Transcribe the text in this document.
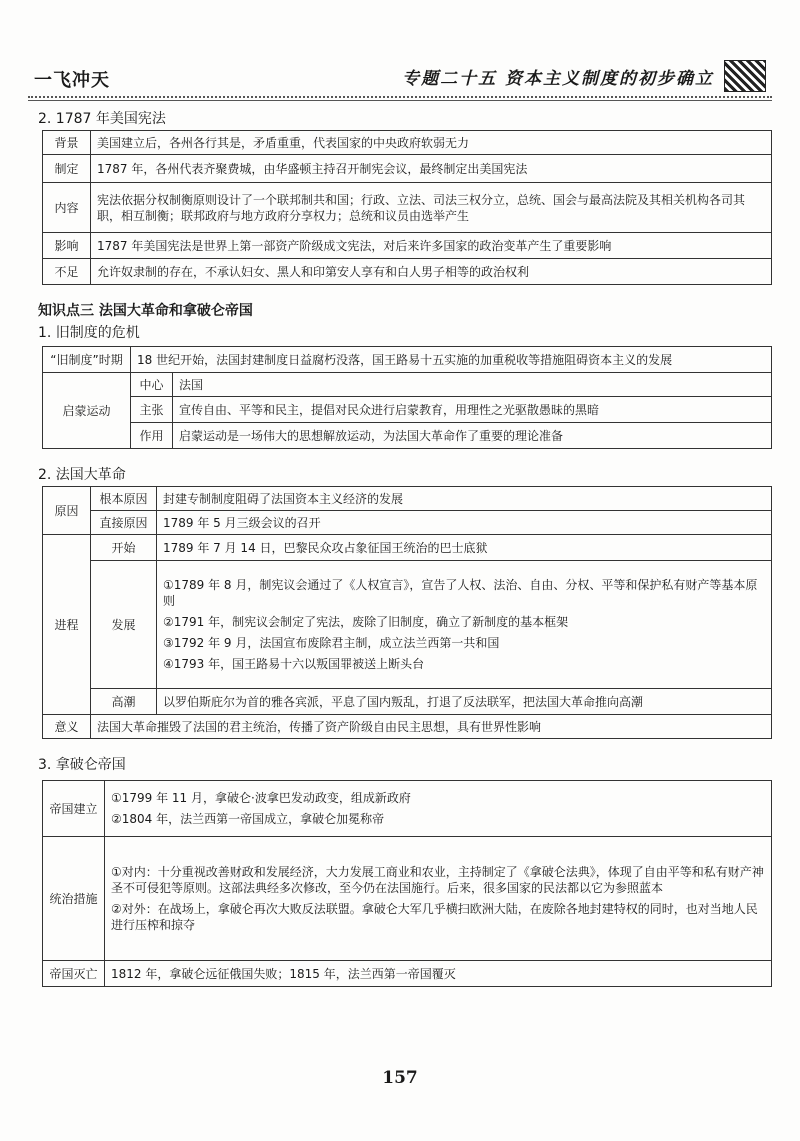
一飞冲天	专题二十五 资本主义制度的初步确立
2. 1787 年美国宪法
背景	美国建立后，各州各行其是，矛盾重重，代表国家的中央政府软弱无力
制定	1787 年，各州代表齐聚费城，由华盛顿主持召开制宪会议，最终制定出美国宪法
内容	宪法依据分权制衡原则设计了一个联邦制共和国；行政、立法、司法三权分立，总统、国会与最高法院及其相关机构各司其职，相互制衡；联邦政府与地方政府分享权力；总统和议员由选举产生
影响	1787 年美国宪法是世界上第一部资产阶级成文宪法，对后来许多国家的政治变革产生了重要影响
不足	允许奴隶制的存在，不承认妇女、黑人和印第安人享有和白人男子相等的政治权利
知识点三 法国大革命和拿破仑帝国
1. 旧制度的危机
“旧制度”时期	18 世纪开始，法国封建制度日益腐朽没落，国王路易十五实施的加重税收等措施阻碍资本主义的发展	
启蒙运动	中心	法国
	主张	宣传自由、平等和民主，提倡对民众进行启蒙教育，用理性之光驱散愚昧的黑暗
	作用	启蒙运动是一场伟大的思想解放运动，为法国大革命作了重要的理论准备
2. 法国大革命
原因	根本原因	封建专制制度阻碍了法国资本主义经济的发展
	直接原因	1789 年 5 月三级会议的召开
进程	开始	1789 年 7 月 14 日，巴黎民众攻占象征国王统治的巴士底狱
	发展	①1789 年 8 月，制宪议会通过了《人权宣言》，宣告了人权、法治、自由、分权、平等和保护私有财产等基本原则
②1791 年，制宪议会制定了宪法，废除了旧制度，确立了新制度的基本框架
③1792 年 9 月，法国宣布废除君主制，成立法兰西第一共和国
④1793 年，国王路易十六以叛国罪被送上断头台

	高潮	以罗伯斯庇尔为首的雅各宾派，平息了国内叛乱，打退了反法联军，把法国大革命推向高潮
意义	法国大革命摧毁了法国的君主统治，传播了资产阶级自由民主思想，具有世界性影响	
3. 拿破仑帝国
帝国建立	①1799 年 11 月，拿破仑·波拿巴发动政变，组成新政府
②1804 年，法兰西第一帝国成立，拿破仑加冕称帝

统治措施	①对内：十分重视改善财政和发展经济，大力发展工商业和农业，主持制定了《拿破仑法典》，体现了自由平等和私有财产神圣不可侵犯等原则。这部法典经多次修改，至今仍在法国施行。后来，很多国家的民法都以它为参照蓝本
②对外：在战场上，拿破仑再次大败反法联盟。拿破仑大军几乎横扫欧洲大陆，在废除各地封建特权的同时，也对当地人民进行压榨和掠夺

帝国灭亡	1812 年，拿破仑远征俄国失败；1815 年，法兰西第一帝国覆灭
157
